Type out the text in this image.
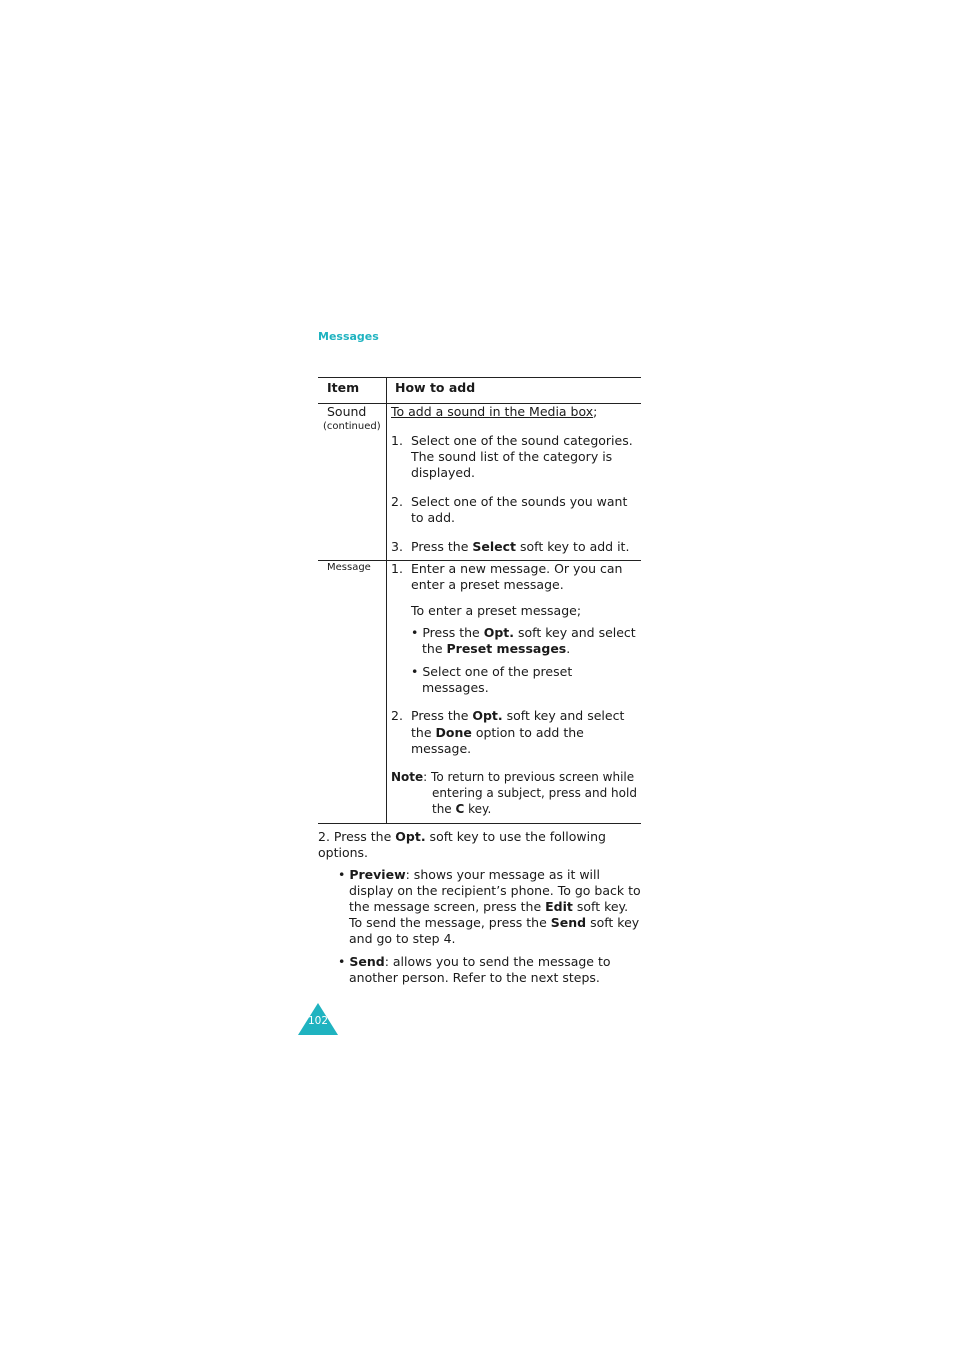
Messages
Item	How to add
Sound
(continued)
To add a sound in the Media box;
1. Select one of the sound categories.
The sound list of the category is
displayed.
2. Select one of the sounds you want
to add.
3. Press the Select soft key to add it.
Message 1. Enter a new message. Or you can
enter a preset message.
To enter a preset message;
• Press the Opt. soft key and select
the Preset messages.
• Select one of the preset
messages.
2. Press the Opt. soft key and select
the Done option to add the
message.
Note: To return to previous screen while
entering a subject, press and hold
the C key.
2. Press the Opt. soft key to use the following
options.
• Preview: shows your message as it will
display on the recipient’s phone. To go back to
the message screen, press the Edit soft key.
To send the message, press the Send soft key
and go to step 4.
• Send: allows you to send the message to
another person. Refer to the next steps.
102
